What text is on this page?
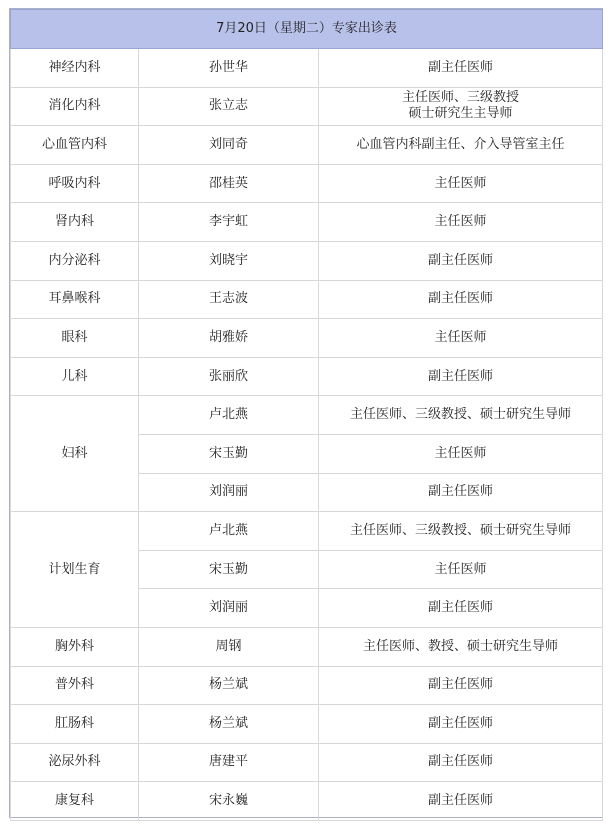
7月20日（星期二）专家出诊表		
神经内科	孙世华	副主任医师
消化内科	张立志	主任医师、三级教授
硕士研究生主导师

心血管内科	刘同奇	心血管内科副主任、介入导管室主任
呼吸内科	邵桂英	主任医师
肾内科	李宇虹	主任医师
内分泌科	刘晓宇	副主任医师
耳鼻喉科	王志波	副主任医师
眼科	胡雅娇	主任医师
儿科	张丽欣	副主任医师
妇科	卢北燕	主任医师、三级教授、硕士研究生导师
	宋玉勤	主任医师
	刘润丽	副主任医师
计划生育	卢北燕	主任医师、三级教授、硕士研究生导师
	宋玉勤	主任医师
	刘润丽	副主任医师
胸外科	周钢	主任医师、教授、硕士研究生导师
普外科	杨兰斌	副主任医师
肛肠科	杨兰斌	副主任医师
泌尿外科	唐建平	副主任医师
康复科	宋永巍	副主任医师
